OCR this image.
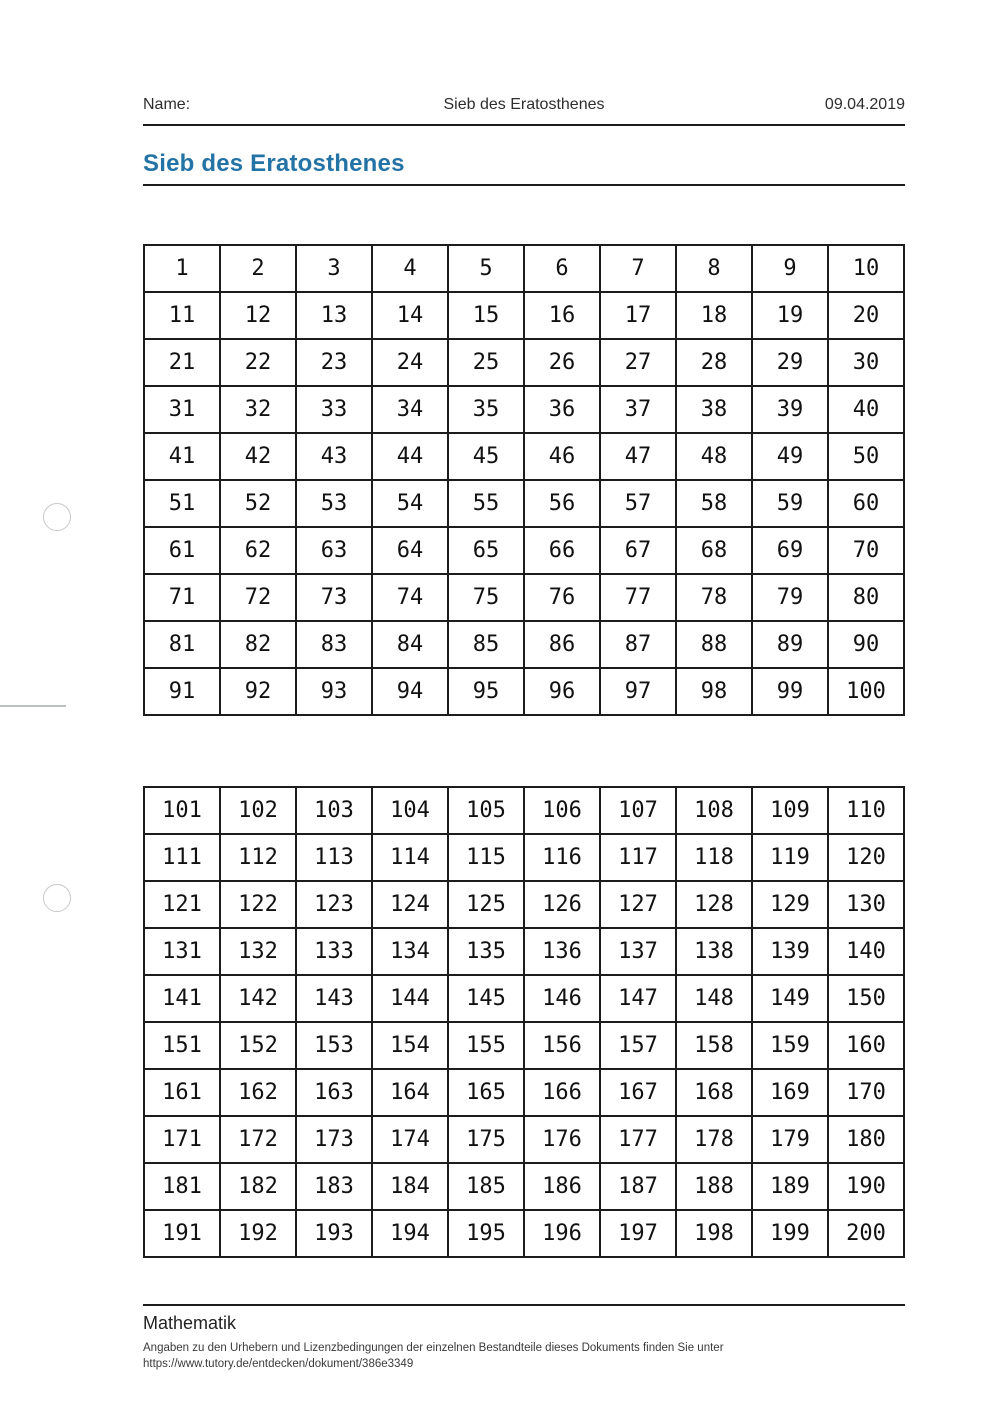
Name:	Sieb des Eratosthenes	09.04.2019
Sieb des Eratosthenes
1	2	3	4	5	6	7	8	9	10
11	12	13	14	15	16	17	18	19	20
21	22	23	24	25	26	27	28	29	30
31	32	33	34	35	36	37	38	39	40
41	42	43	44	45	46	47	48	49	50
51	52	53	54	55	56	57	58	59	60
61	62	63	64	65	66	67	68	69	70
71	72	73	74	75	76	77	78	79	80
81	82	83	84	85	86	87	88	89	90
91	92	93	94	95	96	97	98	99	100
101	102	103	104	105	106	107	108	109	110
111	112	113	114	115	116	117	118	119	120
121	122	123	124	125	126	127	128	129	130
131	132	133	134	135	136	137	138	139	140
141	142	143	144	145	146	147	148	149	150
151	152	153	154	155	156	157	158	159	160
161	162	163	164	165	166	167	168	169	170
171	172	173	174	175	176	177	178	179	180
181	182	183	184	185	186	187	188	189	190
191	192	193	194	195	196	197	198	199	200
Mathematik
Angaben zu den Urhebern und Lizenzbedingungen der einzelnen Bestandteile dieses Dokuments finden Sie unter
https://www.tutory.de/entdecken/dokument/386e3349
